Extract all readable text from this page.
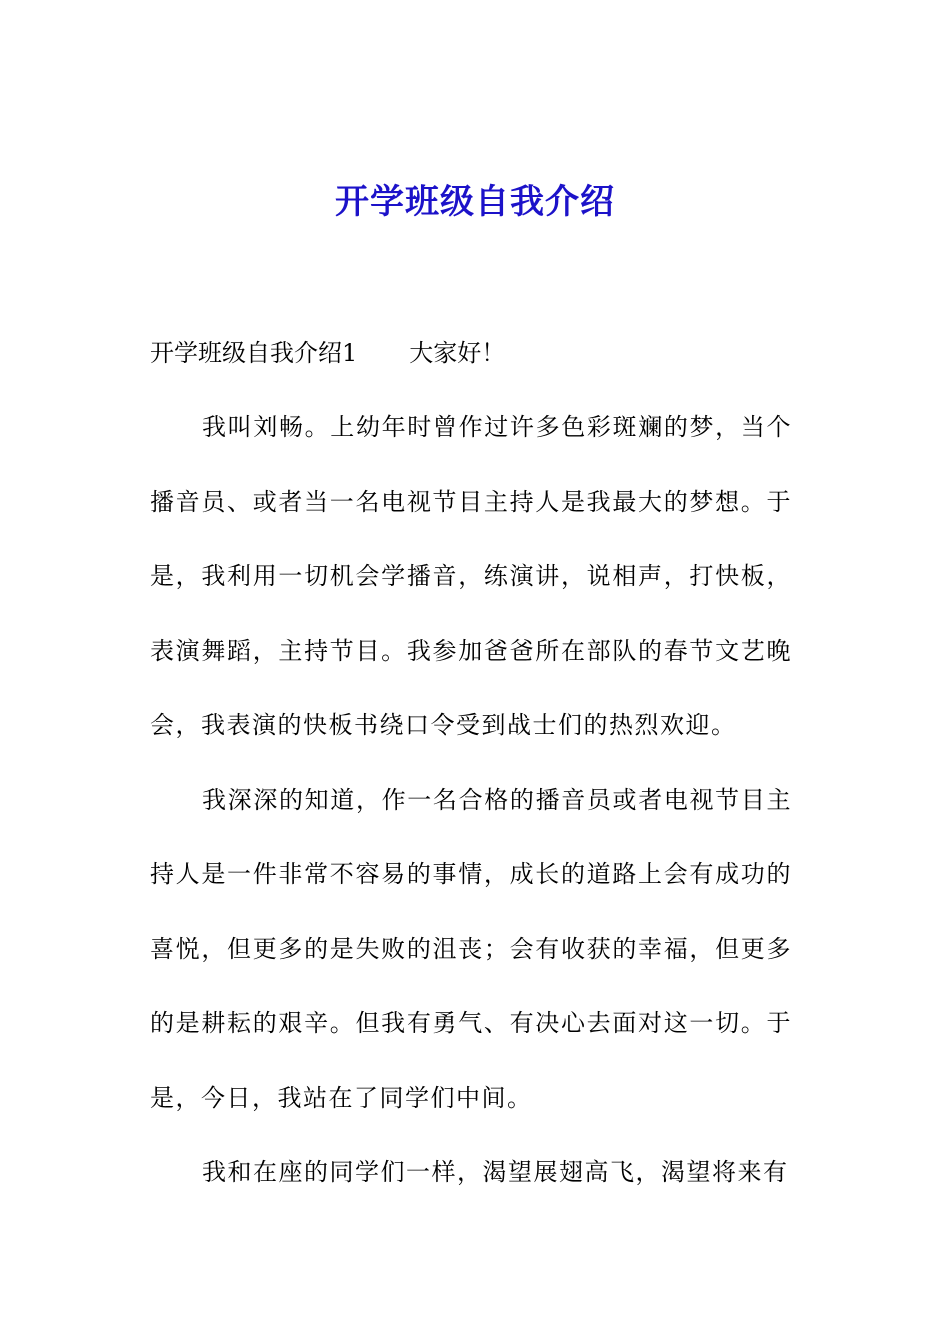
开学班级自我介绍

开学班级自我介绍1 大家好！

我叫刘畅。上幼年时曾作过许多色彩斑斓的梦，当个播音员、或者当一名电视节目主持人是我最大的梦想。于是，我利用一切机会学播音，练演讲，说相声，打快板，表演舞蹈，主持节目。我参加爸爸所在部队的春节文艺晚会，我表演的快板书绕口令受到战士们的热烈欢迎。

我深深的知道，作一名合格的播音员或者电视节目主持人是一件非常不容易的事情，成长的道路上会有成功的喜悦，但更多的是失败的沮丧；会有收获的幸福，但更多的是耕耘的艰辛。但我有勇气、有决心去面对这一切。于是，今日，我站在了同学们中间。

我和在座的同学们一样，渴望展翅高飞，渴望将来有
